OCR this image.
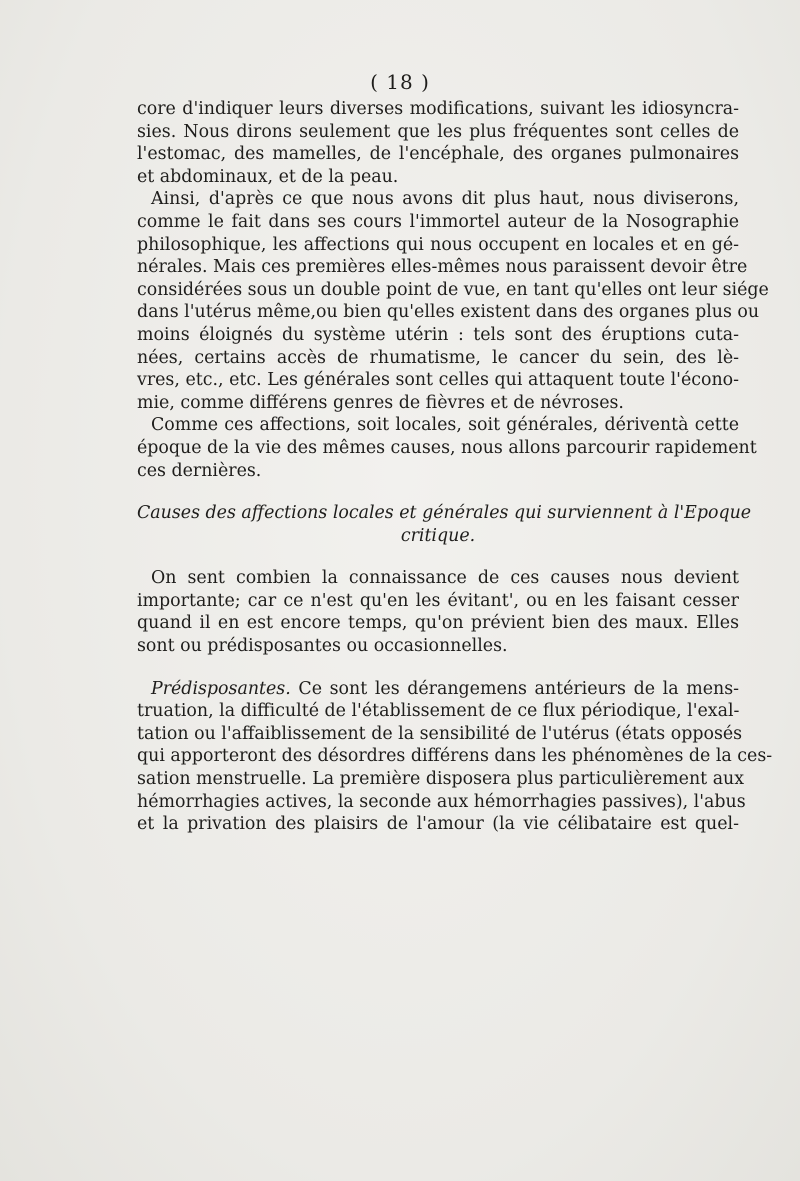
( 18 )
core d'indiquer leurs diverses modifications, suivant les idiosyncra-
sies. Nous dirons seulement que les plus fréquentes sont celles de
l'estomac, des mamelles, de l'encéphale, des organes pulmonaires
et abdominaux, et de la peau.
Ainsi, d'après ce que nous avons dit plus haut, nous diviserons,
comme le fait dans ses cours l'immortel auteur de la Nosographie
philosophique, les affections qui nous occupent en locales et en gé-
nérales. Mais ces premières elles-mêmes nous paraissent devoir être
considérées sous un double point de vue, en tant qu'elles ont leur siége
dans l'utérus même,ou bien qu'elles existent dans des organes plus ou
moins éloignés du système utérin : tels sont des éruptions cuta-
nées, certains accès de rhumatisme, le cancer du sein, des lè-
vres, etc., etc. Les générales sont celles qui attaquent toute l'écono-
mie, comme différens genres de fièvres et de névroses.
Comme ces affections, soit locales, soit générales, dériventà cette
époque de la vie des mêmes causes, nous allons parcourir rapidement
ces dernières.
Causes des affections locales et générales qui surviennent à l'Epoque
critique.
On sent combien la connaissance de ces causes nous devient
importante; car ce n'est qu'en les évitant', ou en les faisant cesser
quand il en est encore temps, qu'on prévient bien des maux. Elles
sont ou prédisposantes ou occasionnelles.
Prédisposantes. Ce sont les dérangemens antérieurs de la mens-
truation, la difficulté de l'établissement de ce flux périodique, l'exal-
tation ou l'affaiblissement de la sensibilité de l'utérus (états opposés
qui apporteront des désordres différens dans les phénomènes de la ces-
sation menstruelle. La première disposera plus particulièrement aux
hémorrhagies actives, la seconde aux hémorrhagies passives), l'abus
et la privation des plaisirs de l'amour (la vie célibataire est quel-
